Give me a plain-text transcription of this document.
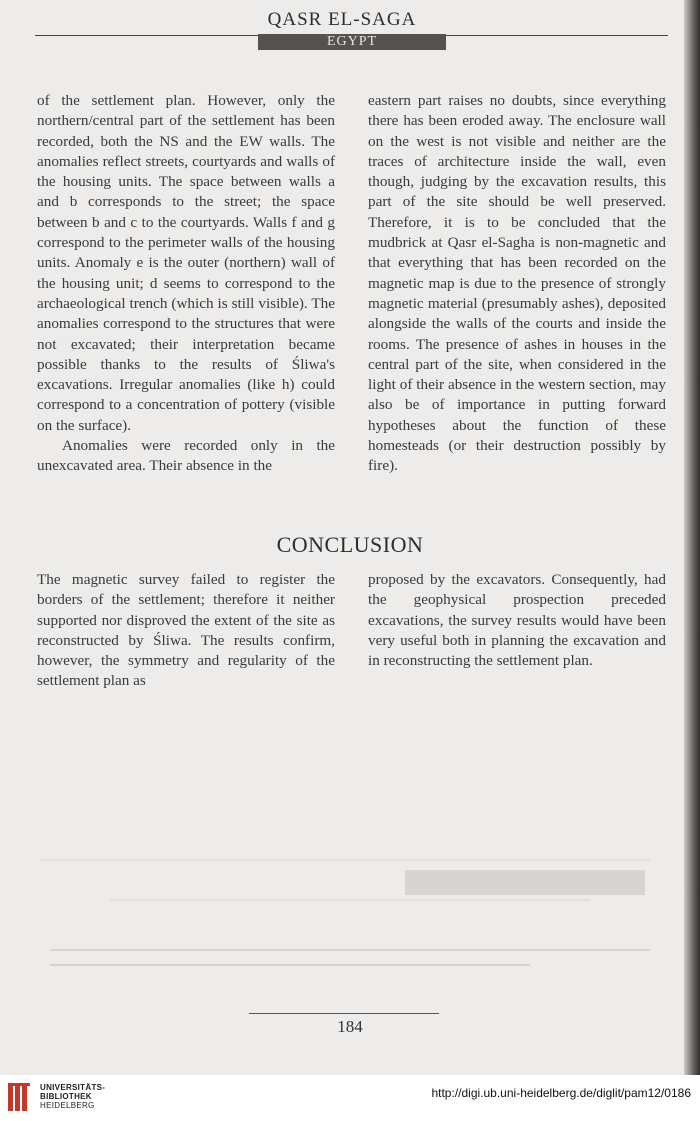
QASR EL-SAGA
EGYPT

of the settlement plan. However, only the northern/central part of the settlement has been recorded, both the NS and the EW walls. The anomalies reflect streets, courtyards and walls of the housing units. The space between walls a and b corresponds to the street; the space between b and c to the courtyards. Walls f and g correspond to the perimeter walls of the housing units. Anomaly e is the outer (northern) wall of the housing unit; d seems to correspond to the archaeological trench (which is still visible). The anomalies correspond to the structures that were not excavated; their interpretation became possible thanks to the results of Śliwa's excavations. Irregular anomalies (like h) could correspond to a concentration of pottery (visible on the surface).

Anomalies were recorded only in the unexcavated area. Their absence in the

eastern part raises no doubts, since everything there has been eroded away. The enclosure wall on the west is not visible and neither are the traces of architecture inside the wall, even though, judging by the excavation results, this part of the site should be well preserved. Therefore, it is to be concluded that the mudbrick at Qasr el-Sagha is non-magnetic and that everything that has been recorded on the magnetic map is due to the presence of strongly magnetic material (presumably ashes), deposited alongside the walls of the courts and inside the rooms. The presence of ashes in houses in the central part of the site, when considered in the light of their absence in the western section, may also be of importance in putting forward hypotheses about the function of these homesteads (or their destruction possibly by fire).

CONCLUSION

The magnetic survey failed to register the borders of the settlement; therefore it neither supported nor disproved the extent of the site as reconstructed by Śliwa. The results confirm, however, the symmetry and regularity of the settlement plan as

proposed by the excavators. Consequently, had the geophysical prospection preceded excavations, the survey results would have been very useful both in planning the excavation and in reconstructing the settlement plan.

184
UNIVERSITÄTS-
BIBLIOTHEK
HEIDELBERG
http://digi.ub.uni-heidelberg.de/diglit/pam12/0186
